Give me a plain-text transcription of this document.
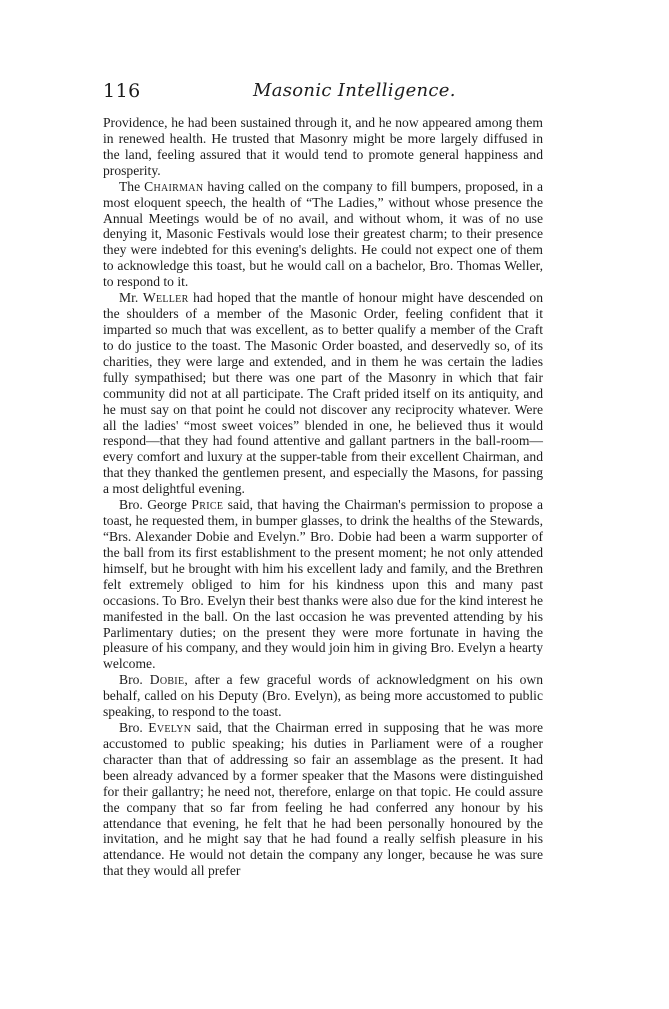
116	Masonic Intelligence.

Providence, he had been sustained through it, and he now appeared among them in renewed health. He trusted that Masonry might be more largely diffused in the land, feeling assured that it would tend to promote general happiness and prosperity.

The Chairman having called on the company to fill bumpers, proposed, in a most eloquent speech, the health of “The Ladies,” without whose presence the Annual Meetings would be of no avail, and without whom, it was of no use denying it, Masonic Festivals would lose their greatest charm; to their presence they were indebted for this evening's delights. He could not expect one of them to acknowledge this toast, but he would call on a bachelor, Bro. Thomas Weller, to respond to it.

Mr. Weller had hoped that the mantle of honour might have descended on the shoulders of a member of the Masonic Order, feeling confident that it imparted so much that was excellent, as to better qualify a member of the Craft to do justice to the toast. The Masonic Order boasted, and deservedly so, of its charities, they were large and extended, and in them he was certain the ladies fully sympathised; but there was one part of the Masonry in which that fair community did not at all participate. The Craft prided itself on its antiquity, and he must say on that point he could not discover any reciprocity whatever. Were all the ladies' “most sweet voices” blended in one, he believed thus it would respond—that they had found attentive and gallant partners in the ball-room—every comfort and luxury at the supper-table from their excellent Chairman, and that they thanked the gentlemen present, and especially the Masons, for passing a most delightful evening.

Bro. George Price said, that having the Chairman's permission to propose a toast, he requested them, in bumper glasses, to drink the healths of the Stewards, “Brs. Alexander Dobie and Evelyn.” Bro. Dobie had been a warm supporter of the ball from its first establishment to the present moment; he not only attended himself, but he brought with him his excellent lady and family, and the Brethren felt extremely obliged to him for his kindness upon this and many past occasions. To Bro. Evelyn their best thanks were also due for the kind interest he manifested in the ball. On the last occasion he was prevented attending by his Parlimentary duties; on the present they were more fortunate in having the pleasure of his company, and they would join him in giving Bro. Evelyn a hearty welcome.

Bro. Dobie, after a few graceful words of acknowledgment on his own behalf, called on his Deputy (Bro. Evelyn), as being more accustomed to public speaking, to respond to the toast.

Bro. Evelyn said, that the Chairman erred in supposing that he was more accustomed to public speaking; his duties in Parliament were of a rougher character than that of addressing so fair an assemblage as the present. It had been already advanced by a former speaker that the Masons were distinguished for their gallantry; he need not, therefore, enlarge on that topic. He could assure the company that so far from feeling he had conferred any honour by his attendance that evening, he felt that he had been personally honoured by the invitation, and he might say that he had found a really selfish pleasure in his attendance. He would not detain the company any longer, because he was sure that they would all prefer
